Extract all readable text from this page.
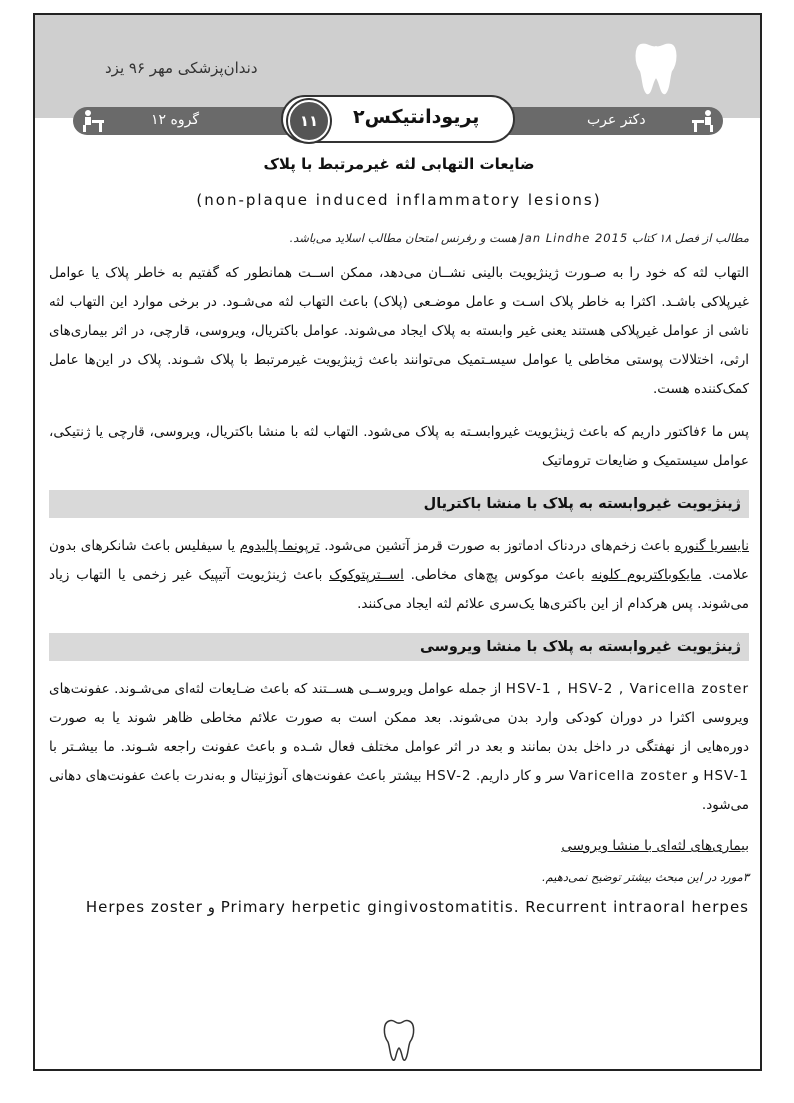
دندان‌پزشکی مهر ۹۶ یزد
گروه ۱۲	دکتر عرب
پریودانتیکس۲
۱۱

ضایعات التهابی لثه غیرمرتبط با پلاک

(non-plaque induced inflammatory lesions)
مطالب از فصل ۱۸ کتاب Jan Lindhe 2015 هست و رفرنس امتحان مطالب اسلاید می‌باشد.
التهاب لثه که خود را به صـورت ژینژیویت بالینی نشــان می‌دهد، ممکن اســت همانطور که گفتیم به خاطر پلاک یا عوامل غیرپلاکی باشـد. اکثرا به خاطر پلاک اسـت و عامل موضـعی (پلاک) باعث التهاب لثه می‌شـود. در برخی موارد این التهاب لثه ناشی از عوامل غیرپلاکی هستند یعنی غیر وابسته به پلاک ایجاد می‌شوند. عوامل باکتریال، ویروسی، قارچی، در اثر بیماری‌های ارثی، اختلالات پوستی مخاطی یا عوامل سیسـتمیک می‌توانند باعث ژینژیویت غیرمرتبط با پلاک شـوند. پلاک در این‌ها عامل کمک‌کننده هست.
پس ما ۶فاکتور داریم که باعث ژینژیویت غیروابسـته به پلاک می‌شود. التهاب لثه با منشا باکتریال، ویروسی، قارچی یا ژنتیکی، عوامل سیستمیک و ضایعات تروماتیک
ژینژیویت غیروابسته به پلاک با منشا باکتریال
نایسریا گنوره باعث زخم‌های دردناک ادماتوز به صورت قرمز آتشین می‌شود. ترپونما پالیدوم یا سیفلیس باعث شانکرهای بدون علامت. مایکوباکتریوم کلونه باعث موکوس پچ‌های مخاطی. اســترپتوکوک باعث ژینژیویت آتیپیک غیر زخمی یا التهاب زیاد می‌شوند. پس هرکدام از این باکتری‌ها یک‌سری علائم لثه ایجاد می‌کنند.
ژینژیویت غیروابسته به پلاک با منشا ویروسی
HSV-1 , HSV-2 , Varicella zoster از جمله عوامل ویروســی هســتند که باعث ضـایعات لثه‌ای می‌شـوند. عفونت‌های ویروسی اکثرا در دوران کودکی وارد بدن می‌شوند. بعد ممکن است به صورت علائم مخاطی ظاهر شوند یا به صورت دوره‌هایی از نهفتگی در داخل بدن بمانند و بعد در اثر عوامل مختلف فعال شـده و باعث عفونت راجعه شـوند. ما بیشـتر با HSV-1 و Varicella zoster سر و کار داریم. HSV-2 بیشتر باعث عفونت‌های آنوژنیتال و به‌ندرت باعث عفونت‌های دهانی می‌شود.
بیماری‌های لثه‌ای با منشا ویروسی
۳مورد در این مبحث بیشتر توضیح نمی‌دهیم.
Primary herpetic gingivostomatitis. Recurrent intraoral herpes و Herpes zoster
